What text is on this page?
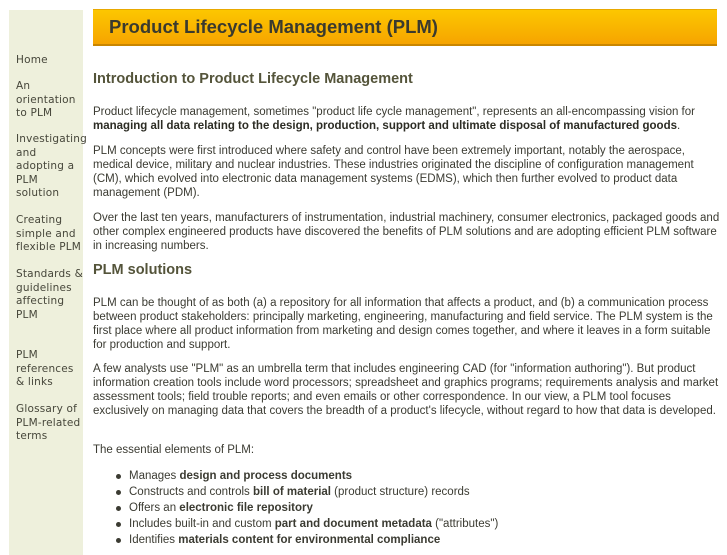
Home
An orientation to PLM
Investigating and adopting a PLM solution
Creating simple and flexible PLM
Standards & guidelines affecting PLM
PLM references & links
Glossary of PLM-related terms
Product Lifecycle Management (PLM)
Introduction to Product Lifecycle Management
Product lifecycle management, sometimes "product life cycle management", represents an all-encompassing vision for managing all data relating to the design, production, support and ultimate disposal of manufactured goods.
PLM concepts were first introduced where safety and control have been extremely important, notably the aerospace, medical device, military and nuclear industries. These industries originated the discipline of configuration management (CM), which evolved into electronic data management systems (EDMS), which then further evolved to product data management (PDM).
Over the last ten years, manufacturers of instrumentation, industrial machinery, consumer electronics, packaged goods and other complex engineered products have discovered the benefits of PLM solutions and are adopting efficient PLM software in increasing numbers.
PLM solutions
PLM can be thought of as both (a) a repository for all information that affects a product, and (b) a communication process between product stakeholders: principally marketing, engineering, manufacturing and field service. The PLM system is the first place where all product information from marketing and design comes together, and where it leaves in a form suitable for production and support.
A few analysts use "PLM" as an umbrella term that includes engineering CAD (for "information authoring"). But product information creation tools include word processors; spreadsheet and graphics programs; requirements analysis and market assessment tools; field trouble reports; and even emails or other correspondence. In our view, a PLM tool focuses exclusively on managing data that covers the breadth of a product's lifecycle, without regard to how that data is developed.
The essential elements of PLM:
Manages design and process documents
Constructs and controls bill of material (product structure) records
Offers an electronic file repository
Includes built-in and custom part and document metadata ("attributes")
Identifies materials content for environmental compliance
